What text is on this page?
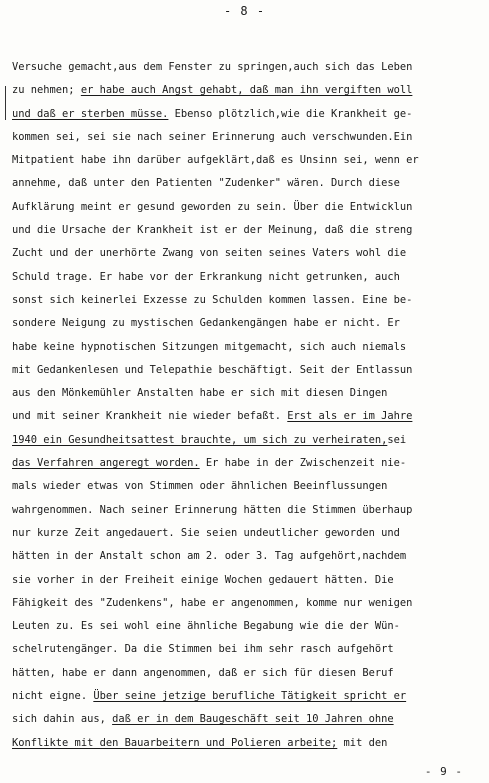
- 8 -
Versuche gemacht,aus dem Fenster zu springen,auch sich das Leben
zu nehmen; er habe auch Angst gehabt, daß man ihn vergiften woll
und daß er sterben müsse. Ebenso plötzlich,wie die Krankheit ge-
kommen sei, sei sie nach seiner Erinnerung auch verschwunden.Ein
Mitpatient habe ihn darüber aufgeklärt,daß es Unsinn sei, wenn er
annehme, daß unter den Patienten "Zudenker" wären. Durch diese
Aufklärung meint er gesund geworden zu sein. Über die Entwicklun
und die Ursache der Krankheit ist er der Meinung, daß die streng
Zucht und der unerhörte Zwang von seiten seines Vaters wohl die
Schuld trage. Er habe vor der Erkrankung nicht getrunken, auch
sonst sich keinerlei Exzesse zu Schulden kommen lassen. Eine be-
sondere Neigung zu mystischen Gedankengängen habe er nicht. Er
habe keine hypnotischen Sitzungen mitgemacht, sich auch niemals
mit Gedankenlesen und Telepathie beschäftigt. Seit der Entlassun
aus den Mönkemühler Anstalten habe er sich mit diesen Dingen
und mit seiner Krankheit nie wieder befaßt. Erst als er im Jahre
1940 ein Gesundheitsattest brauchte, um sich zu verheiraten,sei
das Verfahren angeregt worden. Er habe in der Zwischenzeit nie-
mals wieder etwas von Stimmen oder ähnlichen Beeinflussungen
wahrgenommen. Nach seiner Erinnerung hätten die Stimmen überhaup
nur kurze Zeit angedauert. Sie seien undeutlicher geworden und
hätten in der Anstalt schon am 2. oder 3. Tag aufgehört,nachdem
sie vorher in der Freiheit einige Wochen gedauert hätten. Die
Fähigkeit des "Zudenkens", habe er angenommen, komme nur wenigen
Leuten zu. Es sei wohl eine ähnliche Begabung wie die der Wün-
schelrutengänger. Da die Stimmen bei ihm sehr rasch aufgehört
hätten, habe er dann angenommen, daß er sich für diesen Beruf
nicht eigne. Über seine jetzige berufliche Tätigkeit spricht er
sich dahin aus, daß er in dem Baugeschäft seit 10 Jahren ohne
Konflikte mit den Bauarbeitern und Polieren arbeite; mit den
- 9 -
